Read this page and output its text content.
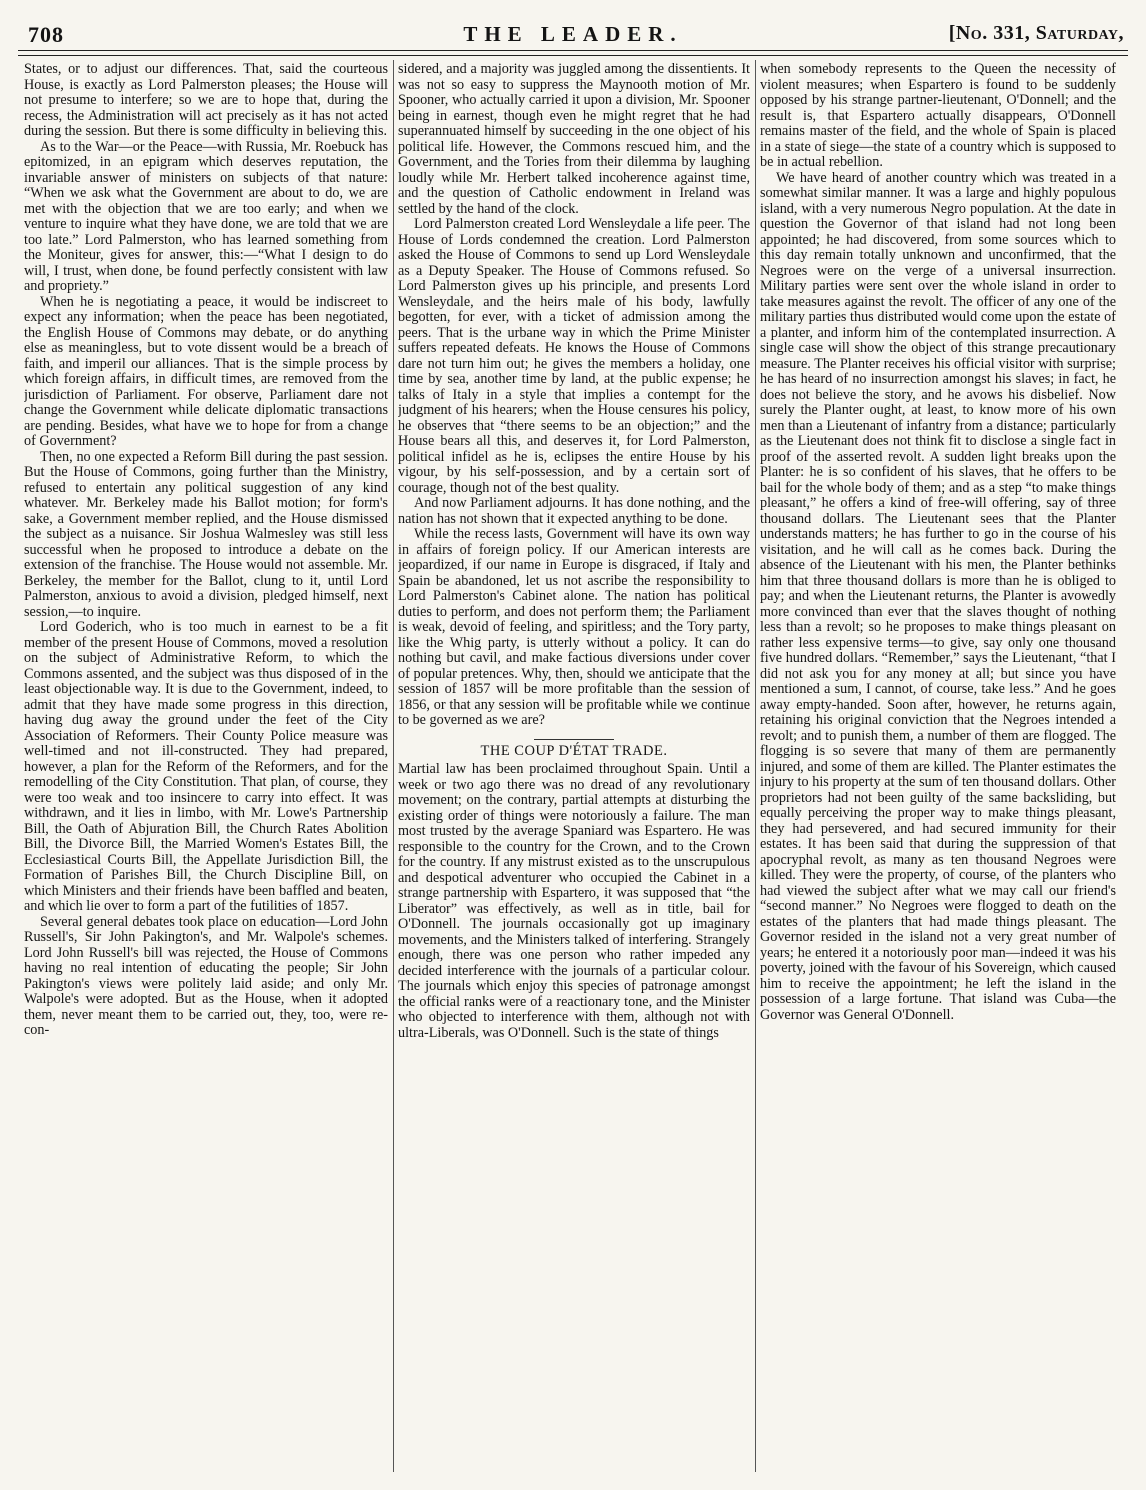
708	THE LEADER.	[No. 331, Saturday,

States, or to adjust our differences. That, said the courteous House, is exactly as Lord Palmerston pleases; the House will not presume to interfere; so we are to hope that, during the recess, the Administration will act precisely as it has not acted during the session. But there is some difficulty in believing this.

As to the War—or the Peace—with Russia, Mr. Roebuck has epitomized, in an epigram which deserves reputation, the invariable answer of ministers on subjects of that nature: “When we ask what the Government are about to do, we are met with the objection that we are too early; and when we venture to inquire what they have done, we are told that we are too late.” Lord Palmerston, who has learned something from the Moniteur, gives for answer, this:—“What I design to do will, I trust, when done, be found perfectly consistent with law and propriety.”

When he is negotiating a peace, it would be indiscreet to expect any information; when the peace has been negotiated, the English House of Commons may debate, or do anything else as meaningless, but to vote dissent would be a breach of faith, and imperil our alliances. That is the simple process by which foreign affairs, in difficult times, are removed from the jurisdiction of Parliament. For observe, Parliament dare not change the Government while delicate diplomatic transactions are pending. Besides, what have we to hope for from a change of Government?

Then, no one expected a Reform Bill during the past session. But the House of Commons, going further than the Ministry, refused to entertain any political suggestion of any kind whatever. Mr. Berkeley made his Ballot motion; for form's sake, a Government member replied, and the House dismissed the subject as a nuisance. Sir Joshua Walmesley was still less successful when he proposed to introduce a debate on the extension of the franchise. The House would not assemble. Mr. Berkeley, the member for the Ballot, clung to it, until Lord Palmerston, anxious to avoid a division, pledged himself, next session,—to inquire.

Lord Goderich, who is too much in earnest to be a fit member of the present House of Commons, moved a resolution on the subject of Administrative Reform, to which the Commons assented, and the subject was thus disposed of in the least objectionable way. It is due to the Government, indeed, to admit that they have made some progress in this direction, having dug away the ground under the feet of the City Association of Reformers. Their County Police measure was well-timed and not ill-constructed. They had prepared, however, a plan for the Reform of the Reformers, and for the remodelling of the City Constitution. That plan, of course, they were too weak and too insincere to carry into effect. It was withdrawn, and it lies in limbo, with Mr. Lowe's Partnership Bill, the Oath of Abjuration Bill, the Church Rates Abolition Bill, the Divorce Bill, the Married Women's Estates Bill, the Ecclesiastical Courts Bill, the Appellate Jurisdiction Bill, the Formation of Parishes Bill, the Church Discipline Bill, on which Ministers and their friends have been baffled and beaten, and which lie over to form a part of the futilities of 1857.

Several general debates took place on education—Lord John Russell's, Sir John Pakington's, and Mr. Walpole's schemes. Lord John Russell's bill was rejected, the House of Commons having no real intention of educating the people; Sir John Pakington's views were politely laid aside; and only Mr. Walpole's were adopted. But as the House, when it adopted them, never meant them to be carried out, they, too, were re-con-

sidered, and a majority was juggled among the dissentients. It was not so easy to suppress the Maynooth motion of Mr. Spooner, who actually carried it upon a division, Mr. Spooner being in earnest, though even he might regret that he had superannuated himself by succeeding in the one object of his political life. However, the Commons rescued him, and the Government, and the Tories from their dilemma by laughing loudly while Mr. Herbert talked incoherence against time, and the question of Catholic endowment in Ireland was settled by the hand of the clock.

Lord Palmerston created Lord Wensleydale a life peer. The House of Lords condemned the creation. Lord Palmerston asked the House of Commons to send up Lord Wensleydale as a Deputy Speaker. The House of Commons refused. So Lord Palmerston gives up his principle, and presents Lord Wensleydale, and the heirs male of his body, lawfully begotten, for ever, with a ticket of admission among the peers. That is the urbane way in which the Prime Minister suffers repeated defeats. He knows the House of Commons dare not turn him out; he gives the members a holiday, one time by sea, another time by land, at the public expense; he talks of Italy in a style that implies a contempt for the judgment of his hearers; when the House censures his policy, he observes that “there seems to be an objection;” and the House bears all this, and deserves it, for Lord Palmerston, political infidel as he is, eclipses the entire House by his vigour, by his self-possession, and by a certain sort of courage, though not of the best quality.

And now Parliament adjourns. It has done nothing, and the nation has not shown that it expected anything to be done.

While the recess lasts, Government will have its own way in affairs of foreign policy. If our American interests are jeopardized, if our name in Europe is disgraced, if Italy and Spain be abandoned, let us not ascribe the responsibility to Lord Palmerston's Cabinet alone. The nation has political duties to perform, and does not perform them; the Parliament is weak, devoid of feeling, and spiritless; and the Tory party, like the Whig party, is utterly without a policy. It can do nothing but cavil, and make factious diversions under cover of popular pretences. Why, then, should we anticipate that the session of 1857 will be more profitable than the session of 1856, or that any session will be profitable while we continue to be governed as we are?

THE COUP D'ÉTAT TRADE.

Martial law has been proclaimed throughout Spain. Until a week or two ago there was no dread of any revolutionary movement; on the contrary, partial attempts at disturbing the existing order of things were notoriously a failure. The man most trusted by the average Spaniard was Espartero. He was responsible to the country for the Crown, and to the Crown for the country. If any mistrust existed as to the unscrupulous and despotical adventurer who occupied the Cabinet in a strange partnership with Espartero, it was supposed that “the Liberator” was effectively, as well as in title, bail for O'Donnell. The journals occasionally got up imaginary movements, and the Ministers talked of interfering. Strangely enough, there was one person who rather impeded any decided interference with the journals of a particular colour. The journals which enjoy this species of patronage amongst the official ranks were of a reactionary tone, and the Minister who objected to interference with them, although not with ultra-Liberals, was O'Donnell. Such is the state of things

when somebody represents to the Queen the necessity of violent measures; when Espartero is found to be suddenly opposed by his strange partner-lieutenant, O'Donnell; and the result is, that Espartero actually disappears, O'Donnell remains master of the field, and the whole of Spain is placed in a state of siege—the state of a country which is supposed to be in actual rebellion.

We have heard of another country which was treated in a somewhat similar manner. It was a large and highly populous island, with a very numerous Negro population. At the date in question the Governor of that island had not long been appointed; he had discovered, from some sources which to this day remain totally unknown and unconfirmed, that the Negroes were on the verge of a universal insurrection. Military parties were sent over the whole island in order to take measures against the revolt. The officer of any one of the military parties thus distributed would come upon the estate of a planter, and inform him of the contemplated insurrection. A single case will show the object of this strange precautionary measure. The Planter receives his official visitor with surprise; he has heard of no insurrection amongst his slaves; in fact, he does not believe the story, and he avows his disbelief. Now surely the Planter ought, at least, to know more of his own men than a Lieutenant of infantry from a distance; particularly as the Lieutenant does not think fit to disclose a single fact in proof of the asserted revolt. A sudden light breaks upon the Planter: he is so confident of his slaves, that he offers to be bail for the whole body of them; and as a step “to make things pleasant,” he offers a kind of free-will offering, say of three thousand dollars. The Lieutenant sees that the Planter understands matters; he has further to go in the course of his visitation, and he will call as he comes back. During the absence of the Lieutenant with his men, the Planter bethinks him that three thousand dollars is more than he is obliged to pay; and when the Lieutenant returns, the Planter is avowedly more convinced than ever that the slaves thought of nothing less than a revolt; so he proposes to make things pleasant on rather less expensive terms—to give, say only one thousand five hundred dollars. “Remember,” says the Lieutenant, “that I did not ask you for any money at all; but since you have mentioned a sum, I cannot, of course, take less.” And he goes away empty-handed. Soon after, however, he returns again, retaining his original conviction that the Negroes intended a revolt; and to punish them, a number of them are flogged. The flogging is so severe that many of them are permanently injured, and some of them are killed. The Planter estimates the injury to his property at the sum of ten thousand dollars. Other proprietors had not been guilty of the same backsliding, but equally perceiving the proper way to make things pleasant, they had persevered, and had secured immunity for their estates. It has been said that during the suppression of that apocryphal revolt, as many as ten thousand Negroes were killed. They were the property, of course, of the planters who had viewed the subject after what we may call our friend's “second manner.” No Negroes were flogged to death on the estates of the planters that had made things pleasant. The Governor resided in the island not a very great number of years; he entered it a notoriously poor man—indeed it was his poverty, joined with the favour of his Sovereign, which caused him to receive the appointment; he left the island in the possession of a large fortune. That island was Cuba—the Governor was General O'Donnell.
